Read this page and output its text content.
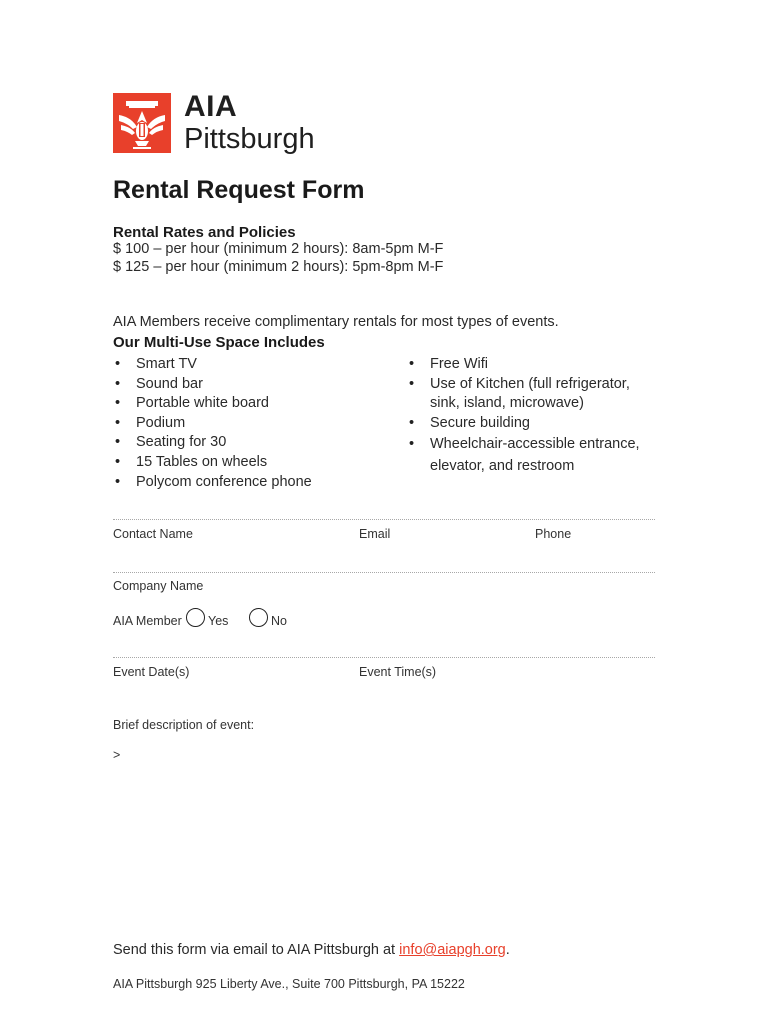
AIA
Pittsburgh
Rental Request Form
Rental Rates and Policies
$ 100 – per hour (minimum 2 hours): 8am-5pm M-F
$ 125 – per hour (minimum 2 hours): 5pm-8pm M-F
AIA Members receive complimentary rentals for most types of events.
Our Multi-Use Space Includes
• Smart TV
• Sound bar
• Portable white board
• Podium
• Seating for 30
• 15 Tables on wheels
• Polycom conference phone
• Free Wifi
• Use of Kitchen (full refrigerator, sink, island, microwave)
• Secure building
• Wheelchair-accessible entrance, elevator, and restroom
Contact Name	Email	Phone
Company Name
AIA Member Yes	No
Event Date(s)	Event Time(s)
Brief description of event:
>
Send this form via email to AIA Pittsburgh at info@aiapgh.org.
AIA Pittsburgh 925 Liberty Ave., Suite 700 Pittsburgh, PA 15222
